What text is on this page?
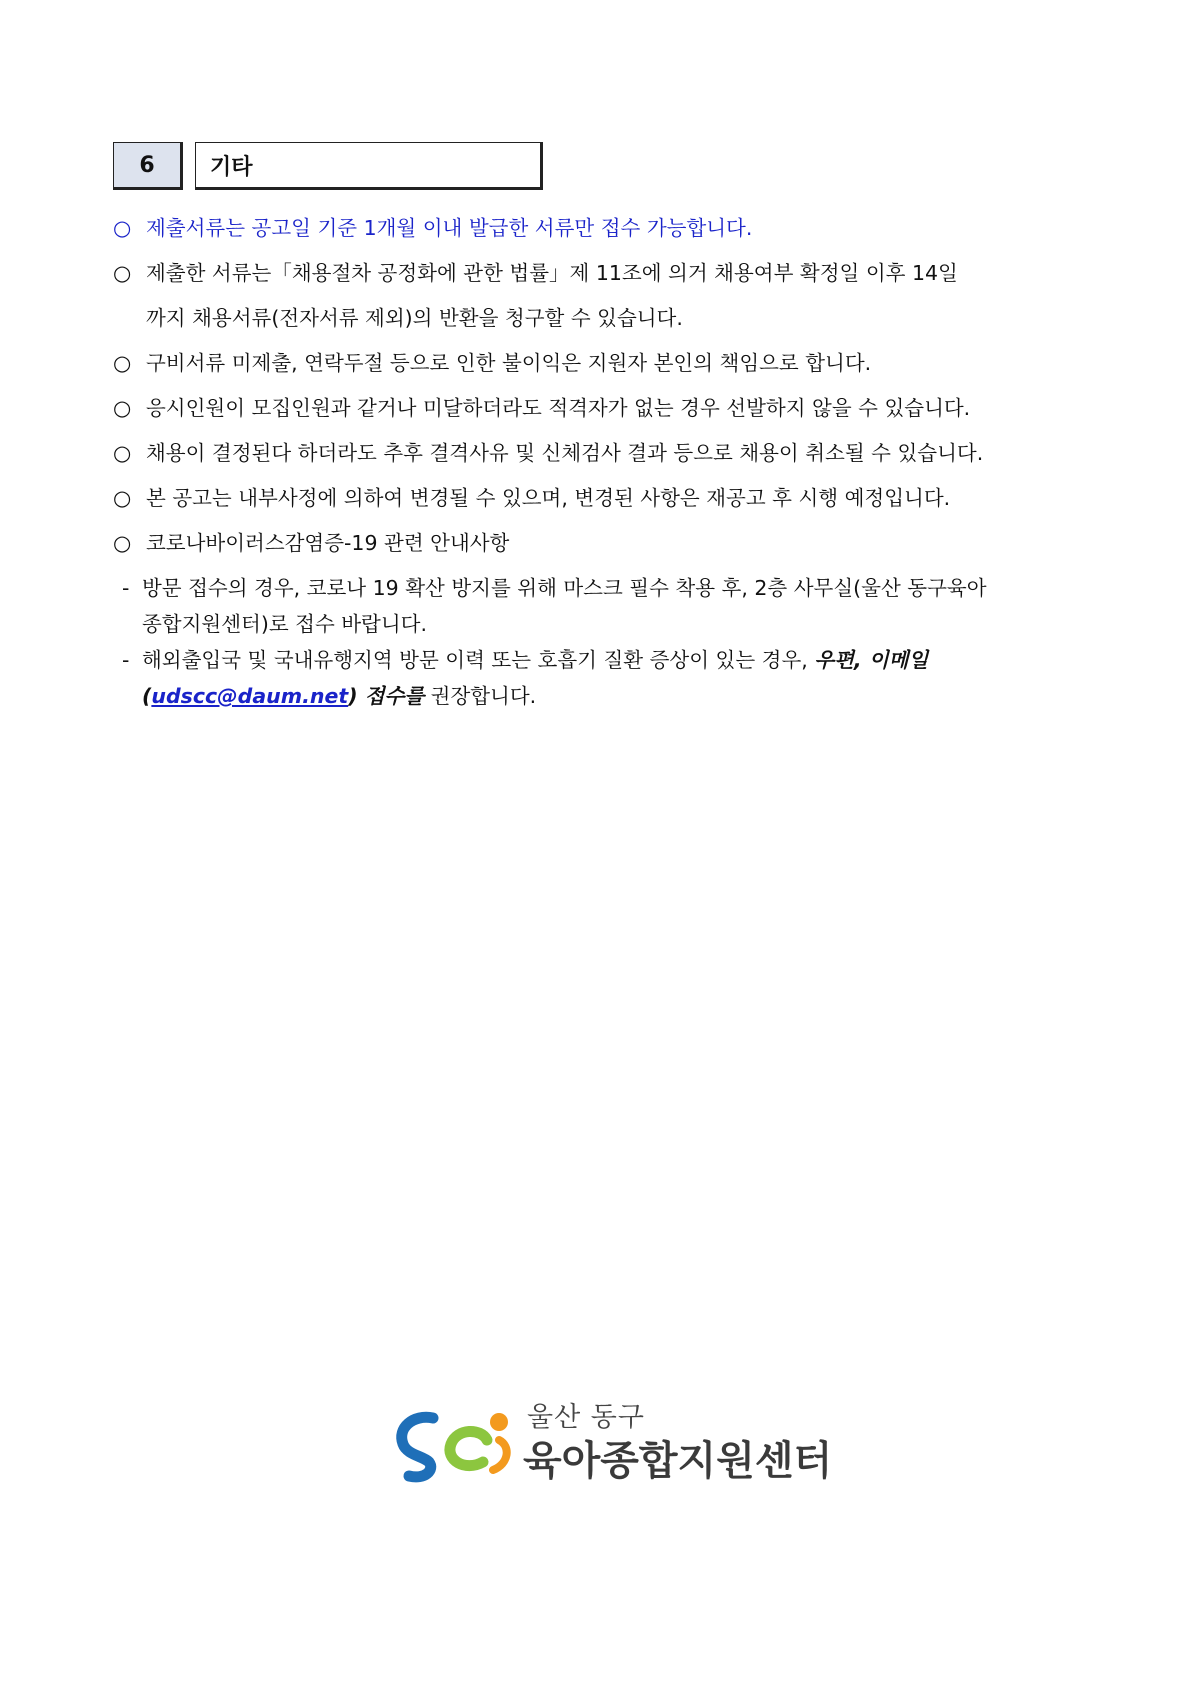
6	기타
○ 제출서류는 공고일 기준 1개월 이내 발급한 서류만 접수 가능합니다.
○ 제출한 서류는「채용절차 공정화에 관한 법률」제 11조에 의거 채용여부 확정일 이후 14일
까지 채용서류(전자서류 제외)의 반환을 청구할 수 있습니다.
○ 구비서류 미제출, 연락두절 등으로 인한 불이익은 지원자 본인의 책임으로 합니다.
○ 응시인원이 모집인원과 같거나 미달하더라도 적격자가 없는 경우 선발하지 않을 수 있습니다.
○ 채용이 결정된다 하더라도 추후 결격사유 및 신체검사 결과 등으로 채용이 취소될 수 있습니다.
○ 본 공고는 내부사정에 의하여 변경될 수 있으며, 변경된 사항은 재공고 후 시행 예정입니다.
○ 코로나바이러스감염증-19 관련 안내사항
- 방문 접수의 경우, 코로나 19 확산 방지를 위해 마스크 필수 착용 후, 2층 사무실(울산 동구육아
종합지원센터)로 접수 바랍니다.
- 해외출입국 및 국내유행지역 방문 이력 또는 호흡기 질환 증상이 있는 경우, 우편, 이메일
(udscc@daum.net) 접수를 권장합니다.
울산 동구
육아종합지원센터
